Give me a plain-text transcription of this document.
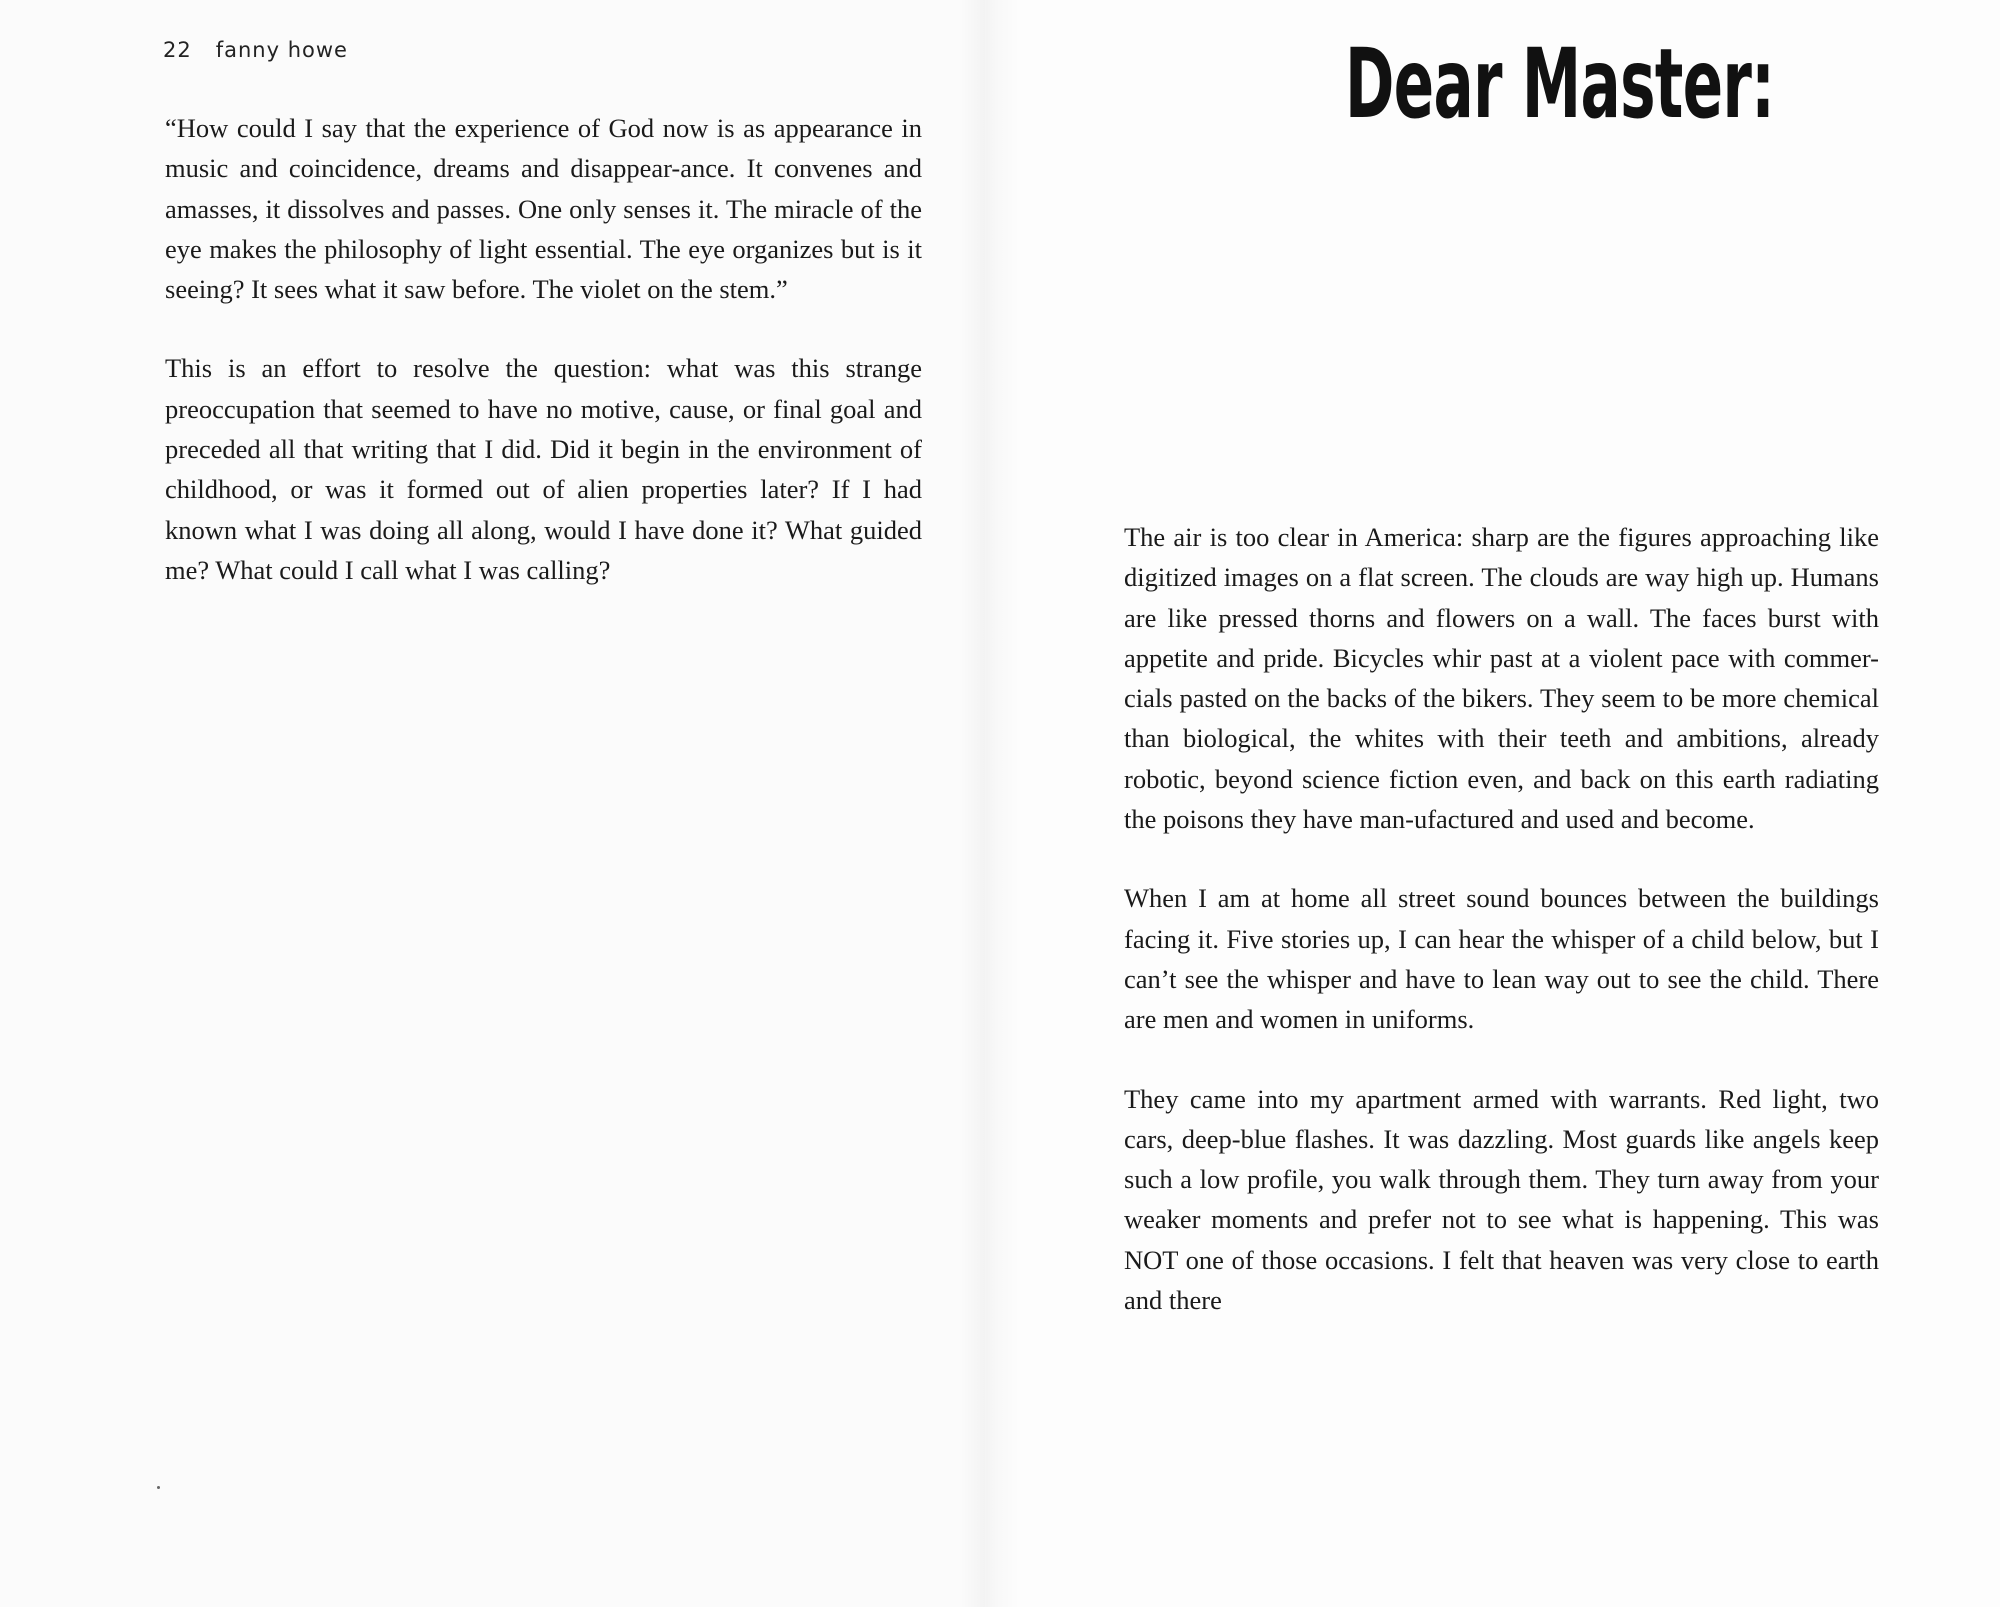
22 fanny howe

“How could I say that the experience of God now is as appearance in music and coincidence, dreams and disappear-ance. It convenes and amasses, it dissolves and passes. One only senses it. The miracle of the eye makes the philosophy of light essential. The eye organizes but is it seeing? It sees what it saw before. The violet on the stem.”

This is an effort to resolve the question: what was this strange preoccupation that seemed to have no motive, cause, or final goal and preceded all that writing that I did. Did it begin in the environment of childhood, or was it formed out of alien properties later? If I had known what I was doing all along, would I have done it? What guided me? What could I call what I was calling?

Dear Master:

The air is too clear in America: sharp are the figures approaching like digitized images on a flat screen. The clouds are way high up. Humans are like pressed thorns and flowers on a wall. The faces burst with appetite and pride. Bicycles whir past at a violent pace with commer-cials pasted on the backs of the bikers. They seem to be more chemical than biological, the whites with their teeth and ambitions, already robotic, beyond science fiction even, and back on this earth radiating the poisons they have man-ufactured and used and become.

When I am at home all street sound bounces between the buildings facing it. Five stories up, I can hear the whisper of a child below, but I can’t see the whisper and have to lean way out to see the child. There are men and women in uniforms.

They came into my apartment armed with warrants. Red light, two cars, deep-blue flashes. It was dazzling. Most guards like angels keep such a low profile, you walk through them. They turn away from your weaker moments and prefer not to see what is happening. This was NOT one of those occasions. I felt that heaven was very close to earth and there
